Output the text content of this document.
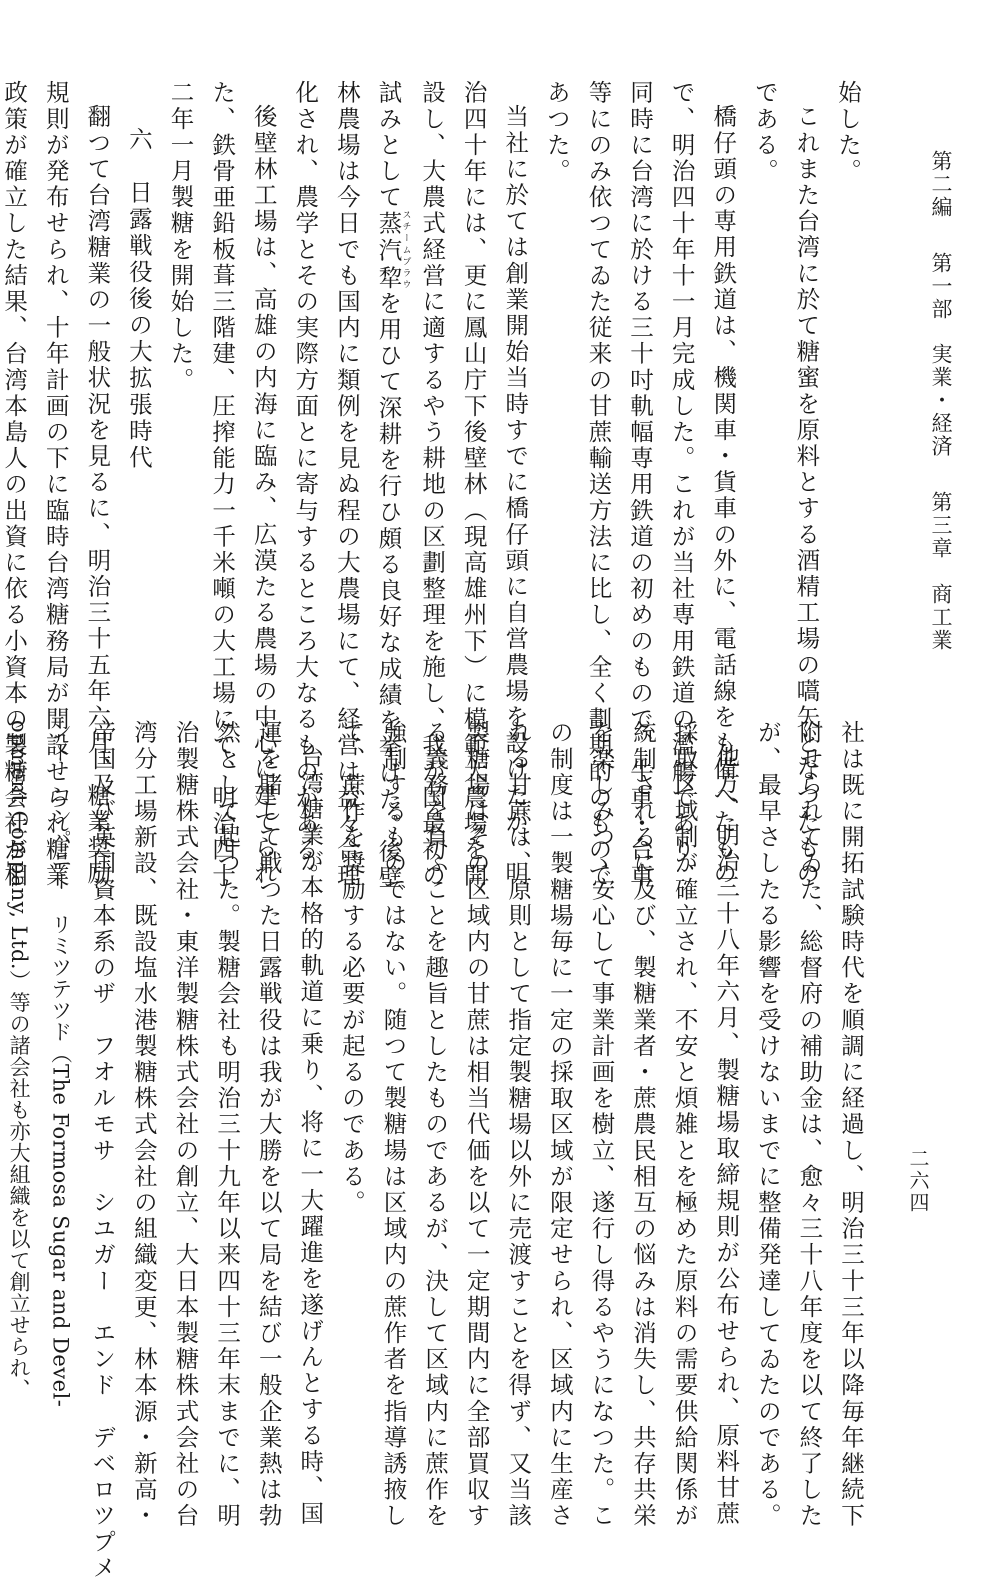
第二編 第一部 実業・経済 第三章 商工業
二六四
始した。
これまた台湾に於て糖蜜を原料とする酒精工場の嚆矢となつたもの
である。
橋仔頭の専用鉄道は、機関車・貨車の外に、電話線をも備へたもの
で、明治四十年十一月完成した。これが当社専用鉄道の濫觴であり、
同時に台湾に於ける三十吋軌幅専用鉄道の初めのもので、牛車・台車
等にのみ依つてゐた従来の甘蔗輸送方法に比し、全く劃期的のもので
あつた。
当社に於ては創業開始当時すでに橋仔頭に自営農場を設けたが、明
治四十年には、更に鳳山庁下後壁林（現高雄州下）に模範大農場を開
設し、大農式経営に適するやう耕地の区劃整理を施し、我が国最初の
試みとして蒸汽犂スチームプラウを用ひて深耕を行ひ頗る良好な成績を挙げた。後壁
林農場は今日でも国内に類例を見ぬ程の大農場にて、経営は益々合理
化され、農学とその実際方面とに寄与するところ大なるものがある。
後壁林工場は、高雄の内海に臨み、広漠たる農場の中心に建てられ
た、鉄骨亜鉛板葺三階建、圧搾能力一千米噸の大工場にて、明治四十
二年一月製糖を開始した。
六　日露戦役後の大拡張時代
翻つて台湾糖業の一般状況を見るに、明治三十五年六月、糖業奨励
規則が発布せられ、十年計画の下に臨時台湾糖務局が開設せられ糖業
政策が確立した結果、台湾本島人の出資に依る小資本の製糖会社が相
社は既に開拓試験時代を順調に経過し、明治三十三年以降毎年継続下
附せられてゐた、総督府の補助金は、愈々三十八年度を以て終了した
が、最早さしたる影響を受けないまでに整備発達してゐたのである。
他方、明治三十八年六月、製糖場取締規則が公布せられ、原料甘蔗
採取区域制が確立され、不安と煩雑とを極めた原料の需要供給関係が
統制されるに及び、製糖業者・蔗農民相互の悩みは消失し、共存共栄
を楽しみつゝ安心して事業計画を樹立、遂行し得るやうになつた。こ
の制度は一製糖場毎に一定の採取区域が限定せられ、区域内に生産さ
れる甘蔗は、原則として指定製糖場以外に売渡すことを得ず、又当該
製糖場はその区域内の甘蔗は相当代価を以て一定期間内に全部買収す
る義務を負ふことを趣旨としたものであるが、決して区域内に蔗作を
強制するものではない。随つて製糖場は区域内の蔗作者を指導誘掖し
て、蔗作を奨励する必要が起るのである。
台湾糖業が本格的軌道に乗り、将に一大躍進を遂げんとする時、国
運を賭して戦つた日露戦役は我が大勝を以て局を結び一般企業熱は勃
然として起つた。製糖会社も明治三十九年以来四十三年末までに、明
治製糖株式会社・東洋製糖株式会社の創立、大日本製糖株式会社の台
湾分工場新設、既設塩水港製糖株式会社の組織変更、林本源・新高・
帝国及び英国資本系のザ　フオルモサ　シユガー　エンド　デベロツプメ
ント　コンパニー　リミツテツド（The Formosa Sugar and Devel-
opment Company, Ltd.）等の諸会社も亦大組織を以て創立せられ、
